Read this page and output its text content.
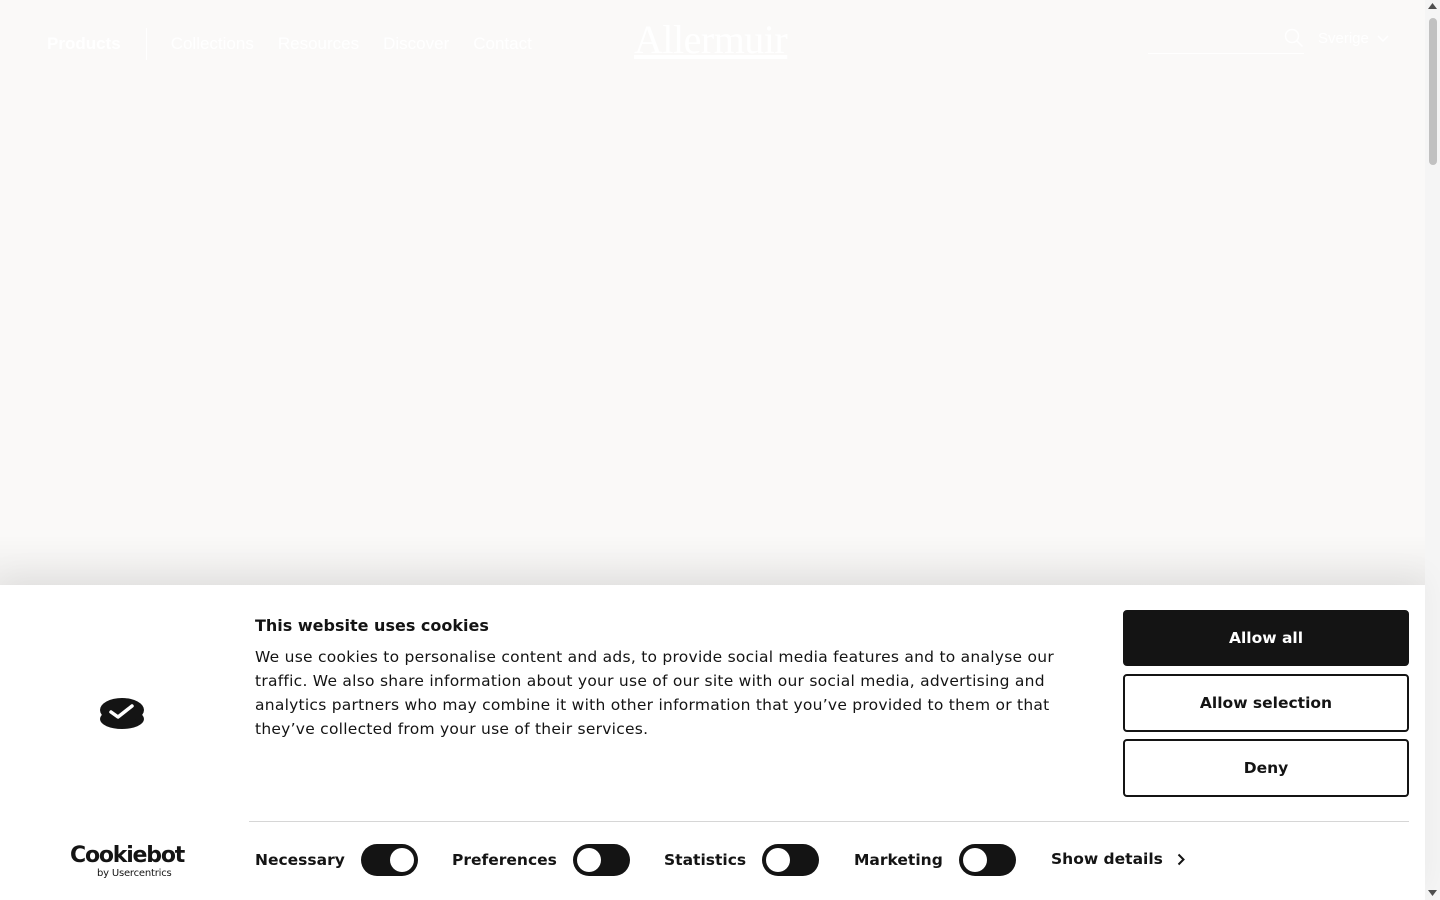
Products	Collections Resources Discover Contact	Allermuir	Sverige
Cookiebot
by Usercentrics
This website uses cookies

We use cookies to personalise content and ads, to provide social media features and to analyse our traffic. We also share information about your use of our site with our social media, advertising and analytics partners who may combine it with other information that you’ve provided to them or that they’ve collected from your use of their services.

Allow all
Allow selection
Deny
Necessary	Preferences	Statistics	Marketing	Show details
